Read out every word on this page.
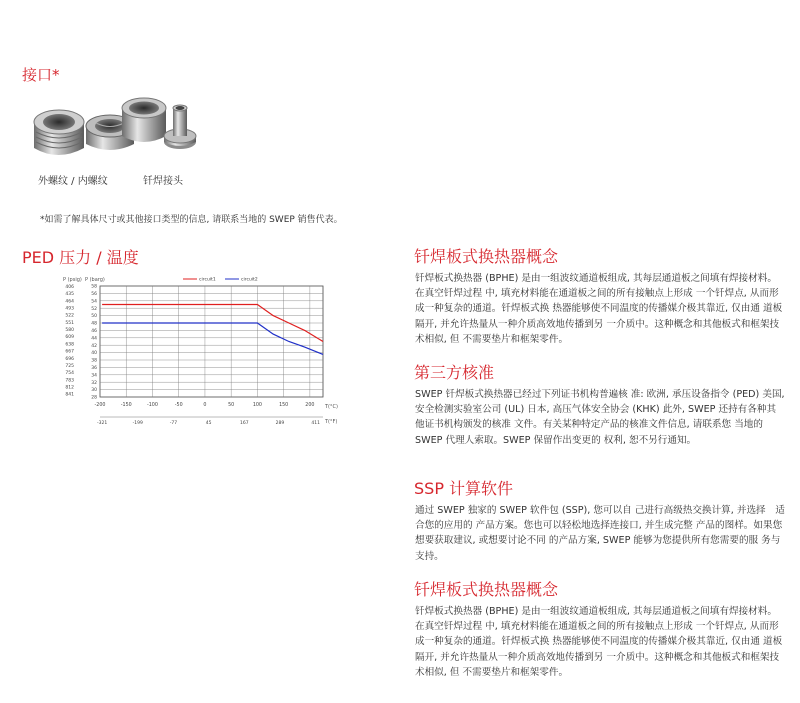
接口*
外螺纹 / 内螺纹	钎焊接头
*如需了解具体尺寸或其他接口类型的信息, 请联系当地的 SWEP 销售代表。
PED 压力 / 温度
P (psig) P (barg)
28
30
32
34
36
38
40
42
44
46
48
50
52
54
56
58
406
435
464
493
522
551
580
609
638
667
696
725
754
783
812
841
-200	-150	-100	-50	0	50	100	150	200
-321	-199	-77	45	167	289	411
circuit1	circuit2
T(°C)
T(°F)
钎焊板式换热器概念
钎焊板式换热器 (BPHE) 是由一组波纹通道板组成, 其每层通道板之间填有焊接材料。在真空钎焊过程 中, 填充材料能在通道板之间的所有接触点上形成 一个钎焊点, 从而形成一种复杂的通道。钎焊板式换 热器能够使不同温度的传播媒介极其靠近, 仅由通 道板隔开, 并允许热量从一种介质高效地传播到另 一介质中。这种概念和其他板式和框架技术相似, 但 不需要垫片和框架零件。
第三方核准
SWEP 钎焊板式换热器已经过下列证书机构普遍核 准: 欧洲, 承压设备指令 (PED) 美国, 安全检测实验室公司 (UL) 日本, 高压气体安全协会 (KHK) 此外, SWEP 还持有各种其他证书机构颁发的核准 文件。有关某种特定产品的核准文件信息, 请联系您 当地的 SWEP 代理人索取。SWEP 保留作出变更的 权利, 恕不另行通知。
SSP 计算软件
通过 SWEP 独家的 SWEP 软件包 (SSP), 您可以自 己进行高级热交换计算, 并选择　适合您的应用的 产品方案。您也可以轻松地选择连接口, 并生成完整 产品的图样。如果您想要获取建议, 或想要讨论不同 的产品方案, SWEP 能够为您提供所有您需要的服 务与支持。
钎焊板式换热器概念
钎焊板式换热器 (BPHE) 是由一组波纹通道板组成, 其每层通道板之间填有焊接材料。在真空钎焊过程 中, 填充材料能在通道板之间的所有接触点上形成 一个钎焊点, 从而形成一种复杂的通道。钎焊板式换 热器能够使不同温度的传播媒介极其靠近, 仅由通 道板隔开, 并允许热量从一种介质高效地传播到另 一介质中。这种概念和其他板式和框架技术相似, 但 不需要垫片和框架零件。
